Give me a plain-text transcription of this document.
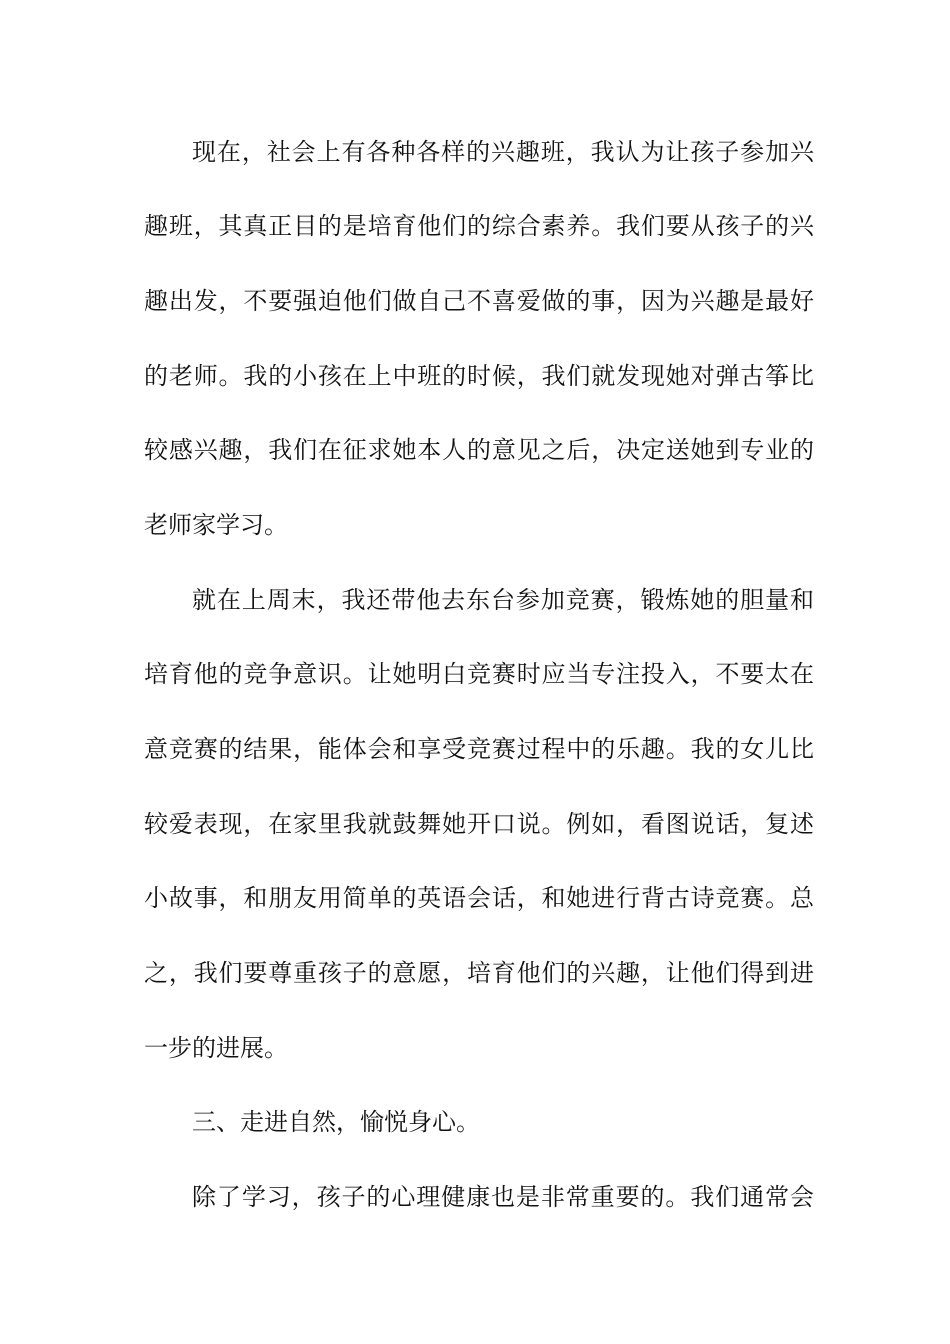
现在，社会上有各种各样的兴趣班，我认为让孩子参加兴
趣班，其真正目的是培育他们的综合素养。我们要从孩子的兴
趣出发，不要强迫他们做自己不喜爱做的事，因为兴趣是最好
的老师。我的小孩在上中班的时候，我们就发现她对弹古筝比
较感兴趣，我们在征求她本人的意见之后，决定送她到专业的
老师家学习。
就在上周末，我还带他去东台参加竞赛，锻炼她的胆量和
培育他的竞争意识。让她明白竞赛时应当专注投入，不要太在
意竞赛的结果，能体会和享受竞赛过程中的乐趣。我的女儿比
较爱表现，在家里我就鼓舞她开口说。例如，看图说话，复述
小故事，和朋友用简单的英语会话，和她进行背古诗竞赛。总
之，我们要尊重孩子的意愿，培育他们的兴趣，让他们得到进
一步的进展。
三、走进自然，愉悦身心。
除了学习，孩子的心理健康也是非常重要的。我们通常会
